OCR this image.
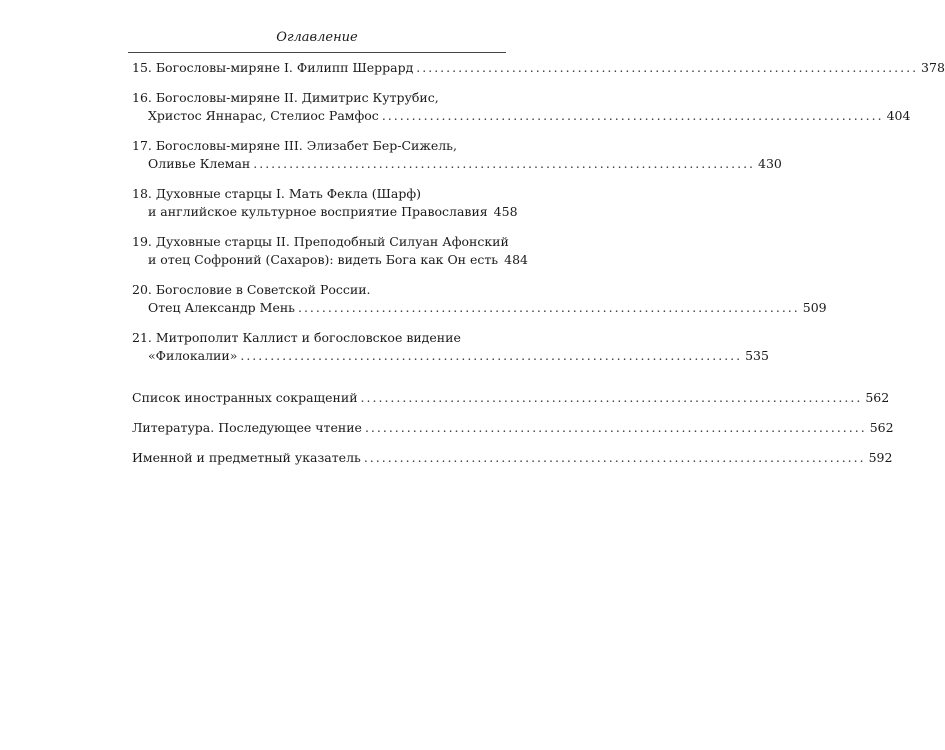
Оглавление
15. Богословы-миряне I. Филипп Шеррард .................................................................................... 378
16. Богословы-миряне II. Димитрис Кутрубис,
Христос Яннарас, Стелиос Рамфос .................................................................................... 404
17. Богословы-миряне III. Элизабет Бер-Сижель,
Оливье Клеман .................................................................................... 430
18. Духовные старцы I. Мать Фекла (Шарф)
и английское культурное восприятие Православия 458
19. Духовные старцы II. Преподобный Силуан Афонский
и отец Софроний (Сахаров): видеть Бога как Он есть 484
20. Богословие в Советской России.
Отец Александр Мень .................................................................................... 509
21. Митрополит Каллист и богословское видение
«Филокалии» .................................................................................... 535
Список иностранных сокращений .................................................................................... 562
Литература. Последующее чтение .................................................................................... 562
Именной и предметный указатель .................................................................................... 592
